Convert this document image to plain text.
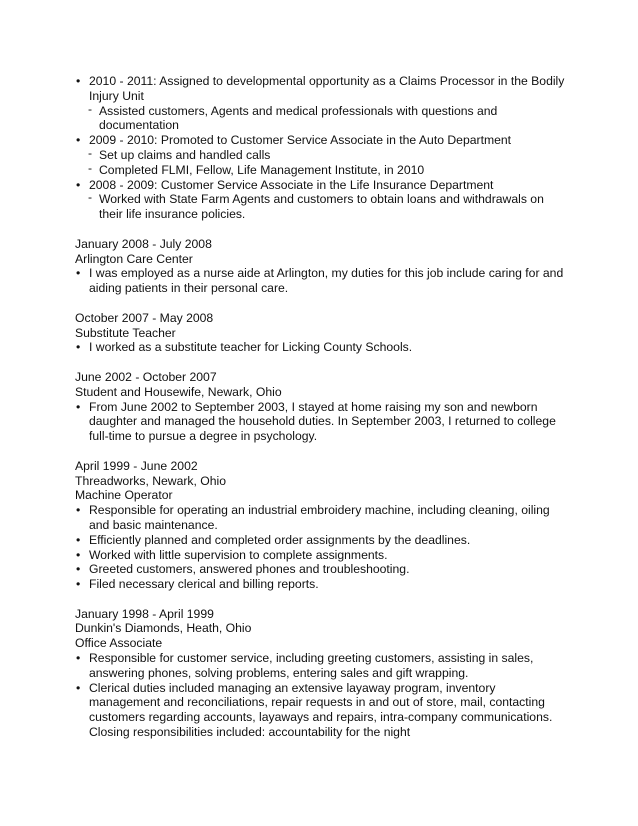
• 2010 - 2011: Assigned to developmental opportunity as a Claims Processor in the Bodily Injury Unit
- Assisted customers, Agents and medical professionals with questions and documentation
• 2009 - 2010: Promoted to Customer Service Associate in the Auto Department
- Set up claims and handled calls
- Completed FLMI, Fellow, Life Management Institute, in 2010
• 2008 - 2009: Customer Service Associate in the Life Insurance Department
- Worked with State Farm Agents and customers to obtain loans and withdrawals on their life insurance policies.
January 2008 - July 2008
Arlington Care Center
• I was employed as a nurse aide at Arlington, my duties for this job include caring for and aiding patients in their personal care.
October 2007 - May 2008
Substitute Teacher
• I worked as a substitute teacher for Licking County Schools.
June 2002 - October 2007
Student and Housewife, Newark, Ohio
• From June 2002 to September 2003, I stayed at home raising my son and newborn daughter and managed the household duties. In September 2003, I returned to college full-time to pursue a degree in psychology.
April 1999 - June 2002
Threadworks, Newark, Ohio
Machine Operator
• Responsible for operating an industrial embroidery machine, including cleaning, oiling and basic maintenance.
• Efficiently planned and completed order assignments by the deadlines.
• Worked with little supervision to complete assignments.
• Greeted customers, answered phones and troubleshooting.
• Filed necessary clerical and billing reports.
January 1998 - April 1999
Dunkin's Diamonds, Heath, Ohio
Office Associate
• Responsible for customer service, including greeting customers, assisting in sales, answering phones, solving problems, entering sales and gift wrapping.
• Clerical duties included managing an extensive layaway program, inventory management and reconciliations, repair requests in and out of store, mail, contacting customers regarding accounts, layaways and repairs, intra-company communications. Closing responsibilities included: accountability for the night
